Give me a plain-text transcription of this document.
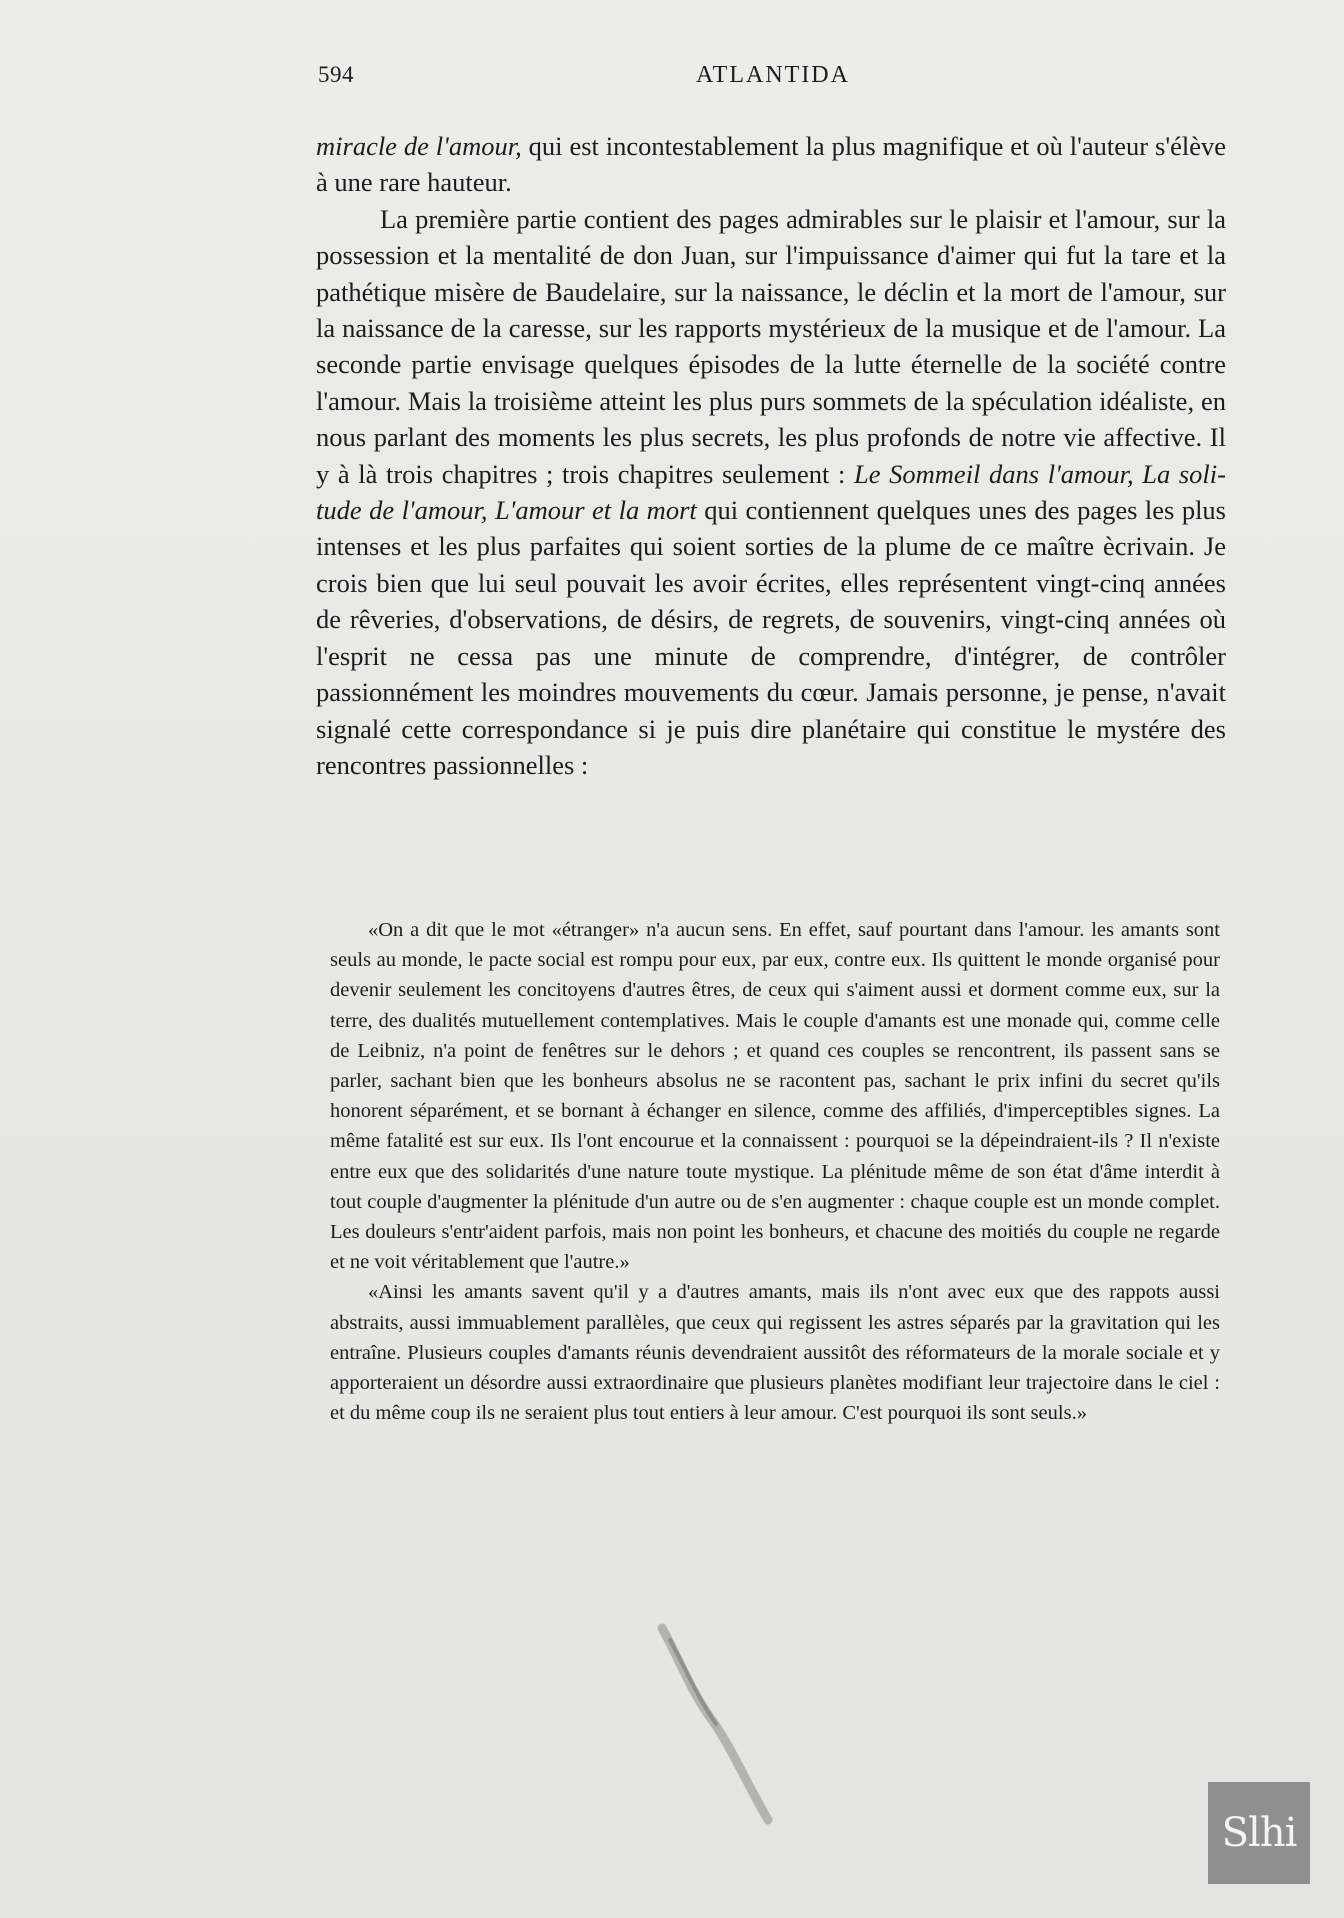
594	ATLANTIDA

miracle de l'amour, qui est incontestablement la plus magnifique et où l'auteur s'élève à une rare hauteur.

La première partie contient des pages admirables sur le plaisir et l'amour, sur la possession et la mentalité de don Juan, sur l'impuissance d'aimer qui fut la tare et la pathétique misère de Baudelaire, sur la naissance, le déclin et la mort de l'amour, sur la naissance de la caresse, sur les rapports mystérieux de la musique et de l'amour. La seconde partie envisage quelques épisodes de la lutte éternelle de la société contre l'amour. Mais la troisième atteint les plus purs sommets de la spéculation idéaliste, en nous parlant des moments les plus secrets, les plus profonds de notre vie affective. Il y à là trois chapitres ; trois chapitres seulement : Le Sommeil dans l'amour, La solitude de l'amour, L'amour et la mort qui contiennent quelques unes des pages les plus intenses et les plus parfaites qui soient sorties de la plume de ce maître ècrivain. Je crois bien que lui seul pouvait les avoir écrites, elles représentent vingt-cinq années de rêveries, d'observations, de désirs, de regrets, de souvenirs, vingt-cinq années où l'esprit ne cessa pas une minute de comprendre, d'intégrer, de contrôler passionnément les moindres mouvements du cœur. Jamais personne, je pense, n'avait signalé cette correspondance si je puis dire planétaire qui constitue le mystére des rencontres passionnelles :

«On a dit que le mot «étranger» n'a aucun sens. En effet, sauf pourtant dans l'amour. les amants sont seuls au monde, le pacte social est rompu pour eux, par eux, contre eux. Ils quittent le monde organisé pour devenir seulement les concitoyens d'autres êtres, de ceux qui s'aiment aussi et dorment comme eux, sur la terre, des dualités mutuellement contemplatives. Mais le couple d'amants est une monade qui, comme celle de Leibniz, n'a point de fenêtres sur le dehors ; et quand ces couples se rencontrent, ils passent sans se parler, sachant bien que les bonheurs absolus ne se racontent pas, sachant le prix infini du secret qu'ils honorent séparément, et se bornant à échanger en silence, comme des affiliés, d'imperceptibles signes. La même fatalité est sur eux. Ils l'ont encourue et la connaissent : pourquoi se la dépeindraient-ils ? Il n'existe entre eux que des solidarités d'une nature toute mystique. La plénitude même de son état d'âme interdit à tout couple d'augmenter la plénitude d'un autre ou de s'en augmenter : chaque couple est un monde complet. Les douleurs s'entr'aident parfois, mais non point les bonheurs, et chacune des moitiés du couple ne regarde et ne voit véritablement que l'autre.»

«Ainsi les amants savent qu'il y a d'autres amants, mais ils n'ont avec eux que des rappots aussi abstraits, aussi immuablement parallèles, que ceux qui regissent les astres séparés par la gravitation qui les entraîne. Plusieurs couples d'amants réunis devendraient aussitôt des réformateurs de la morale sociale et y apporteraient un désordre aussi extraordinaire que plusieurs planètes modifiant leur trajectoire dans le ciel : et du même coup ils ne seraient plus tout entiers à leur amour. C'est pourquoi ils sont seuls.»

Slhi
